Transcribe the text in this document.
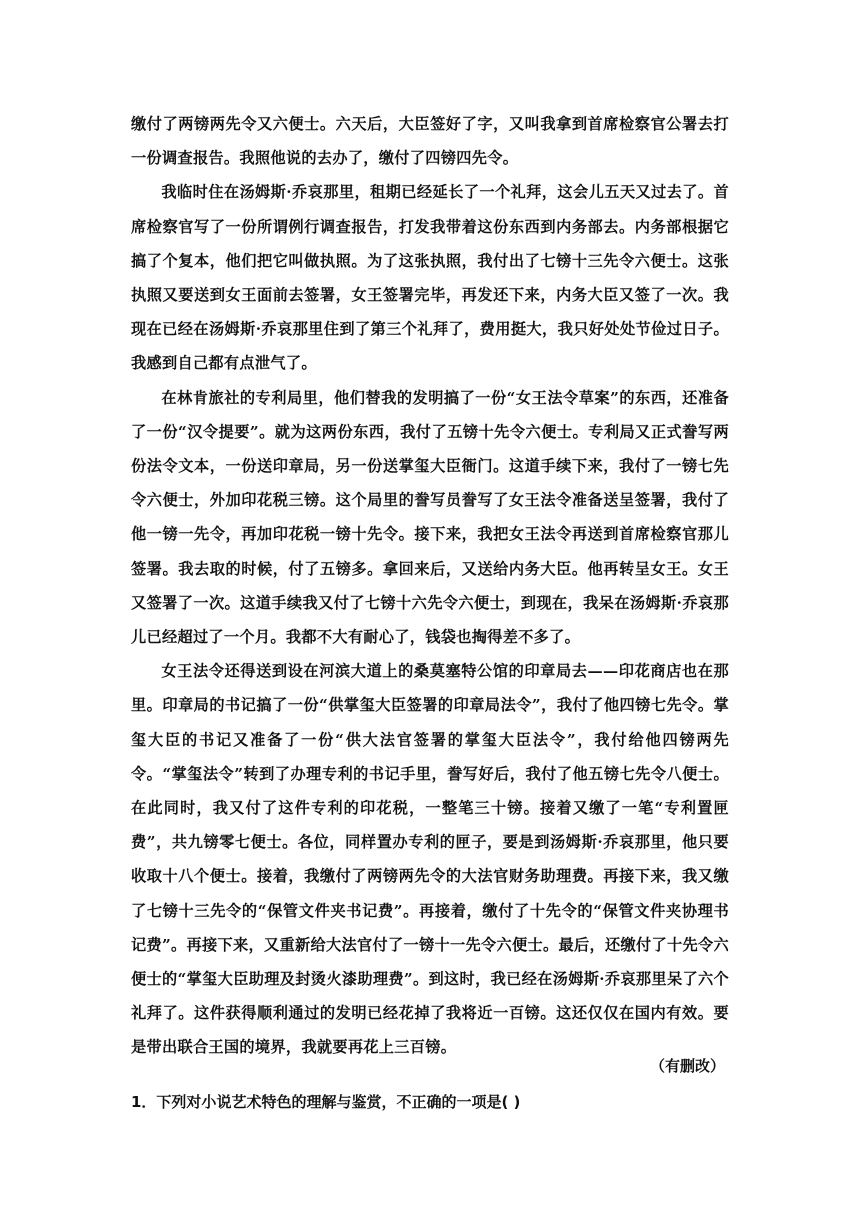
缴付了两镑两先令又六便士。六天后，大臣签好了字，又叫我拿到首席检察官公署去打一份调查报告。我照他说的去办了，缴付了四镑四先令。

我临时住在汤姆斯·乔哀那里，租期已经延长了一个礼拜，这会儿五天又过去了。首席检察官写了一份所谓例行调查报告，打发我带着这份东西到内务部去。内务部根据它搞了个复本，他们把它叫做执照。为了这张执照，我付出了七镑十三先令六便士。这张执照又要送到女王面前去签署，女王签署完毕，再发还下来，内务大臣又签了一次。我现在已经在汤姆斯·乔哀那里住到了第三个礼拜了，费用挺大，我只好处处节俭过日子。我感到自己都有点泄气了。

在林肯旅社的专利局里，他们替我的发明搞了一份“女王法令草案”的东西，还准备了一份“汉令提要”。就为这两份东西，我付了五镑十先令六便士。专利局又正式誊写两份法令文本，一份送印章局，另一份送掌玺大臣衙门。这道手续下来，我付了一镑七先令六便士，外加印花税三镑。这个局里的誊写员誊写了女王法令准备送呈签署，我付了他一镑一先令，再加印花税一镑十先令。接下来，我把女王法令再送到首席检察官那儿签署。我去取的时候，付了五镑多。拿回来后，又送给内务大臣。他再转呈女王。女王又签署了一次。这道手续我又付了七镑十六先令六便士，到现在，我呆在汤姆斯·乔哀那儿已经超过了一个月。我都不大有耐心了，钱袋也掏得差不多了。

女王法令还得送到设在河滨大道上的桑莫塞特公馆的印章局去——印花商店也在那里。印章局的书记搞了一份“供掌玺大臣签署的印章局法令”，我付了他四镑七先令。掌玺大臣的书记又准备了一份“供大法官签署的掌玺大臣法令”，我付给他四镑两先令。“掌玺法令”转到了办理专利的书记手里，誊写好后，我付了他五镑七先令八便士。在此同时，我又付了这件专利的印花税，一整笔三十镑。接着又缴了一笔“专利置匣费”，共九镑零七便士。各位，同样置办专利的匣子，要是到汤姆斯·乔哀那里，他只要收取十八个便士。接着，我缴付了两镑两先令的大法官财务助理费。再接下来，我又缴了七镑十三先令的“保管文件夹书记费”。再接着，缴付了十先令的“保管文件夹协理书记费”。再接下来，又重新给大法官付了一镑十一先令六便士。最后，还缴付了十先令六便士的“掌玺大臣助理及封烫火漆助理费”。到这时，我已经在汤姆斯·乔哀那里呆了六个礼拜了。这件获得顺利通过的发明已经花掉了我将近一百镑。这还仅仅在国内有效。要是带出联合王国的境界，我就要再花上三百镑。

（有删改）
1．下列对小说艺术特色的理解与鉴赏，不正确的一项是( )
